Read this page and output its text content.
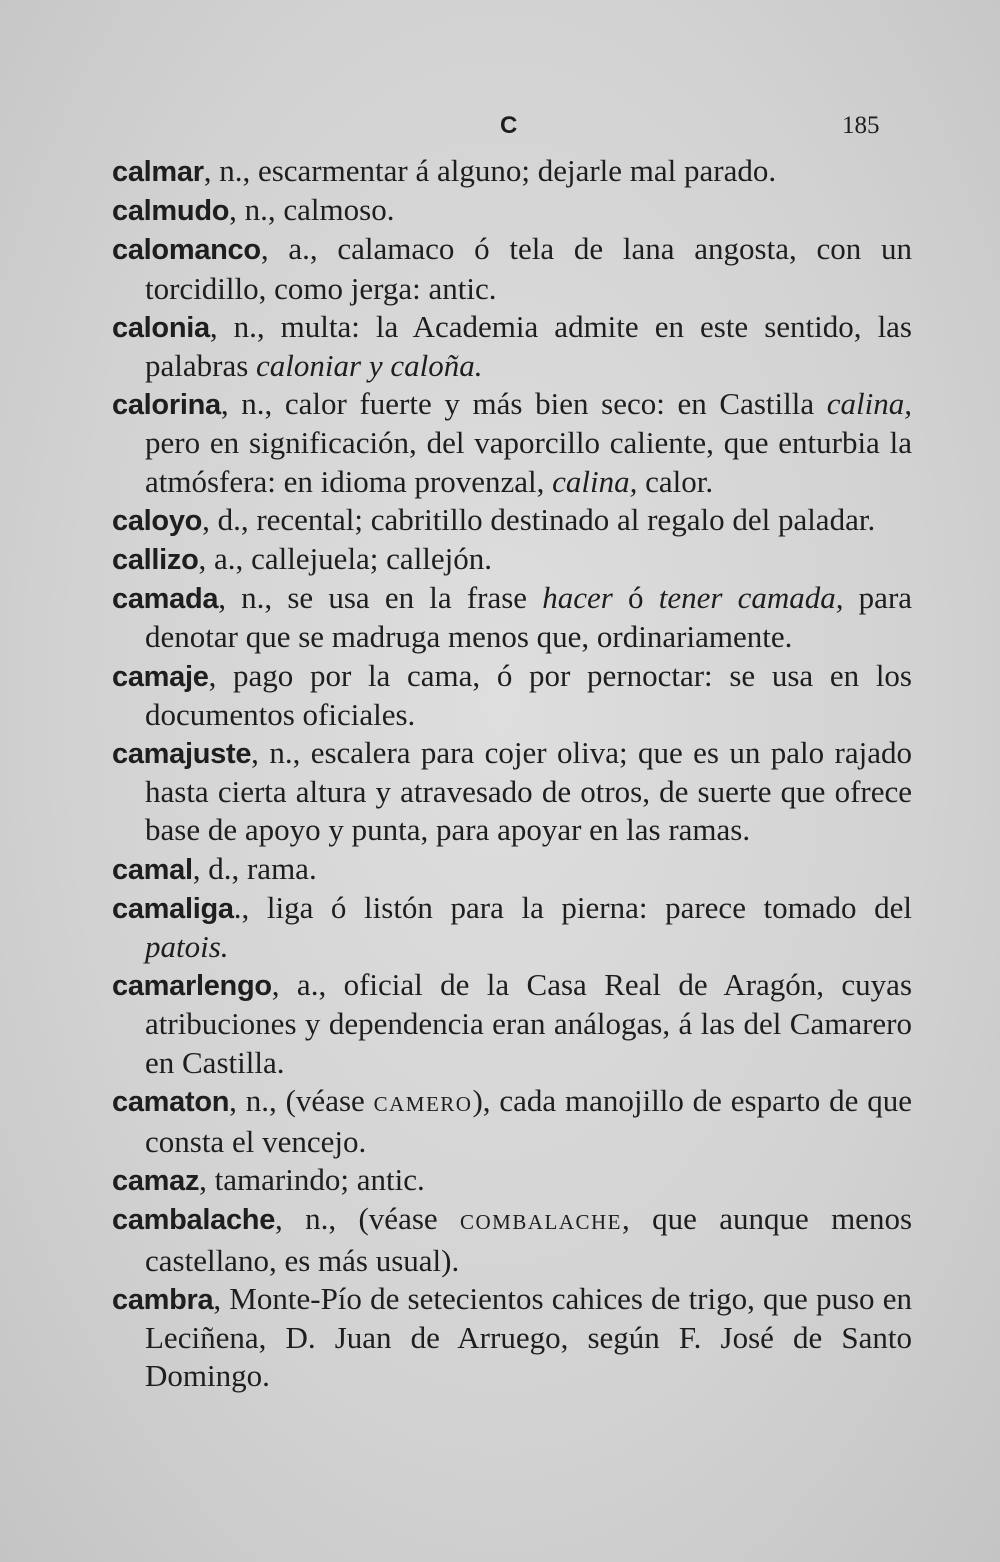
C	185

calmar, n., escarmentar á alguno; dejarle mal parado.

calmudo, n., calmoso.

calomanco, a., calamaco ó tela de lana angosta, con un torcidillo, como jerga: antic.

calonia, n., multa: la Academia admite en este sentido, las palabras caloniar y caloña.

calorina, n., calor fuerte y más bien seco: en Castilla calina, pero en significación, del vaporcillo caliente, que enturbia la atmósfera: en idioma provenzal, calina, calor.

caloyo, d., recental; cabritillo destinado al regalo del paladar.

callizo, a., callejuela; callejón.

camada, n., se usa en la frase hacer ó tener camada, para denotar que se madruga menos que, ordinariamente.

camaje, pago por la cama, ó por pernoctar: se usa en los documentos oficiales.

camajuste, n., escalera para cojer oliva; que es un palo rajado hasta cierta altura y atravesado de otros, de suerte que ofrece base de apoyo y punta, para apoyar en las ramas.

camal, d., rama.

camaliga., liga ó listón para la pierna: parece tomado del patois.

camarlengo, a., oficial de la Casa Real de Aragón, cuyas atribuciones y dependencia eran análogas, á las del Camarero en Castilla.

camaton, n., (véase CAMERO), cada manojillo de esparto de que consta el vencejo.

camaz, tamarindo; antic.

cambalache, n., (véase COMBALACHE, que aunque menos castellano, es más usual).

cambra, Monte-Pío de setecientos cahices de trigo, que puso en Leciñena, D. Juan de Arruego, según F. José de Santo Domingo.
